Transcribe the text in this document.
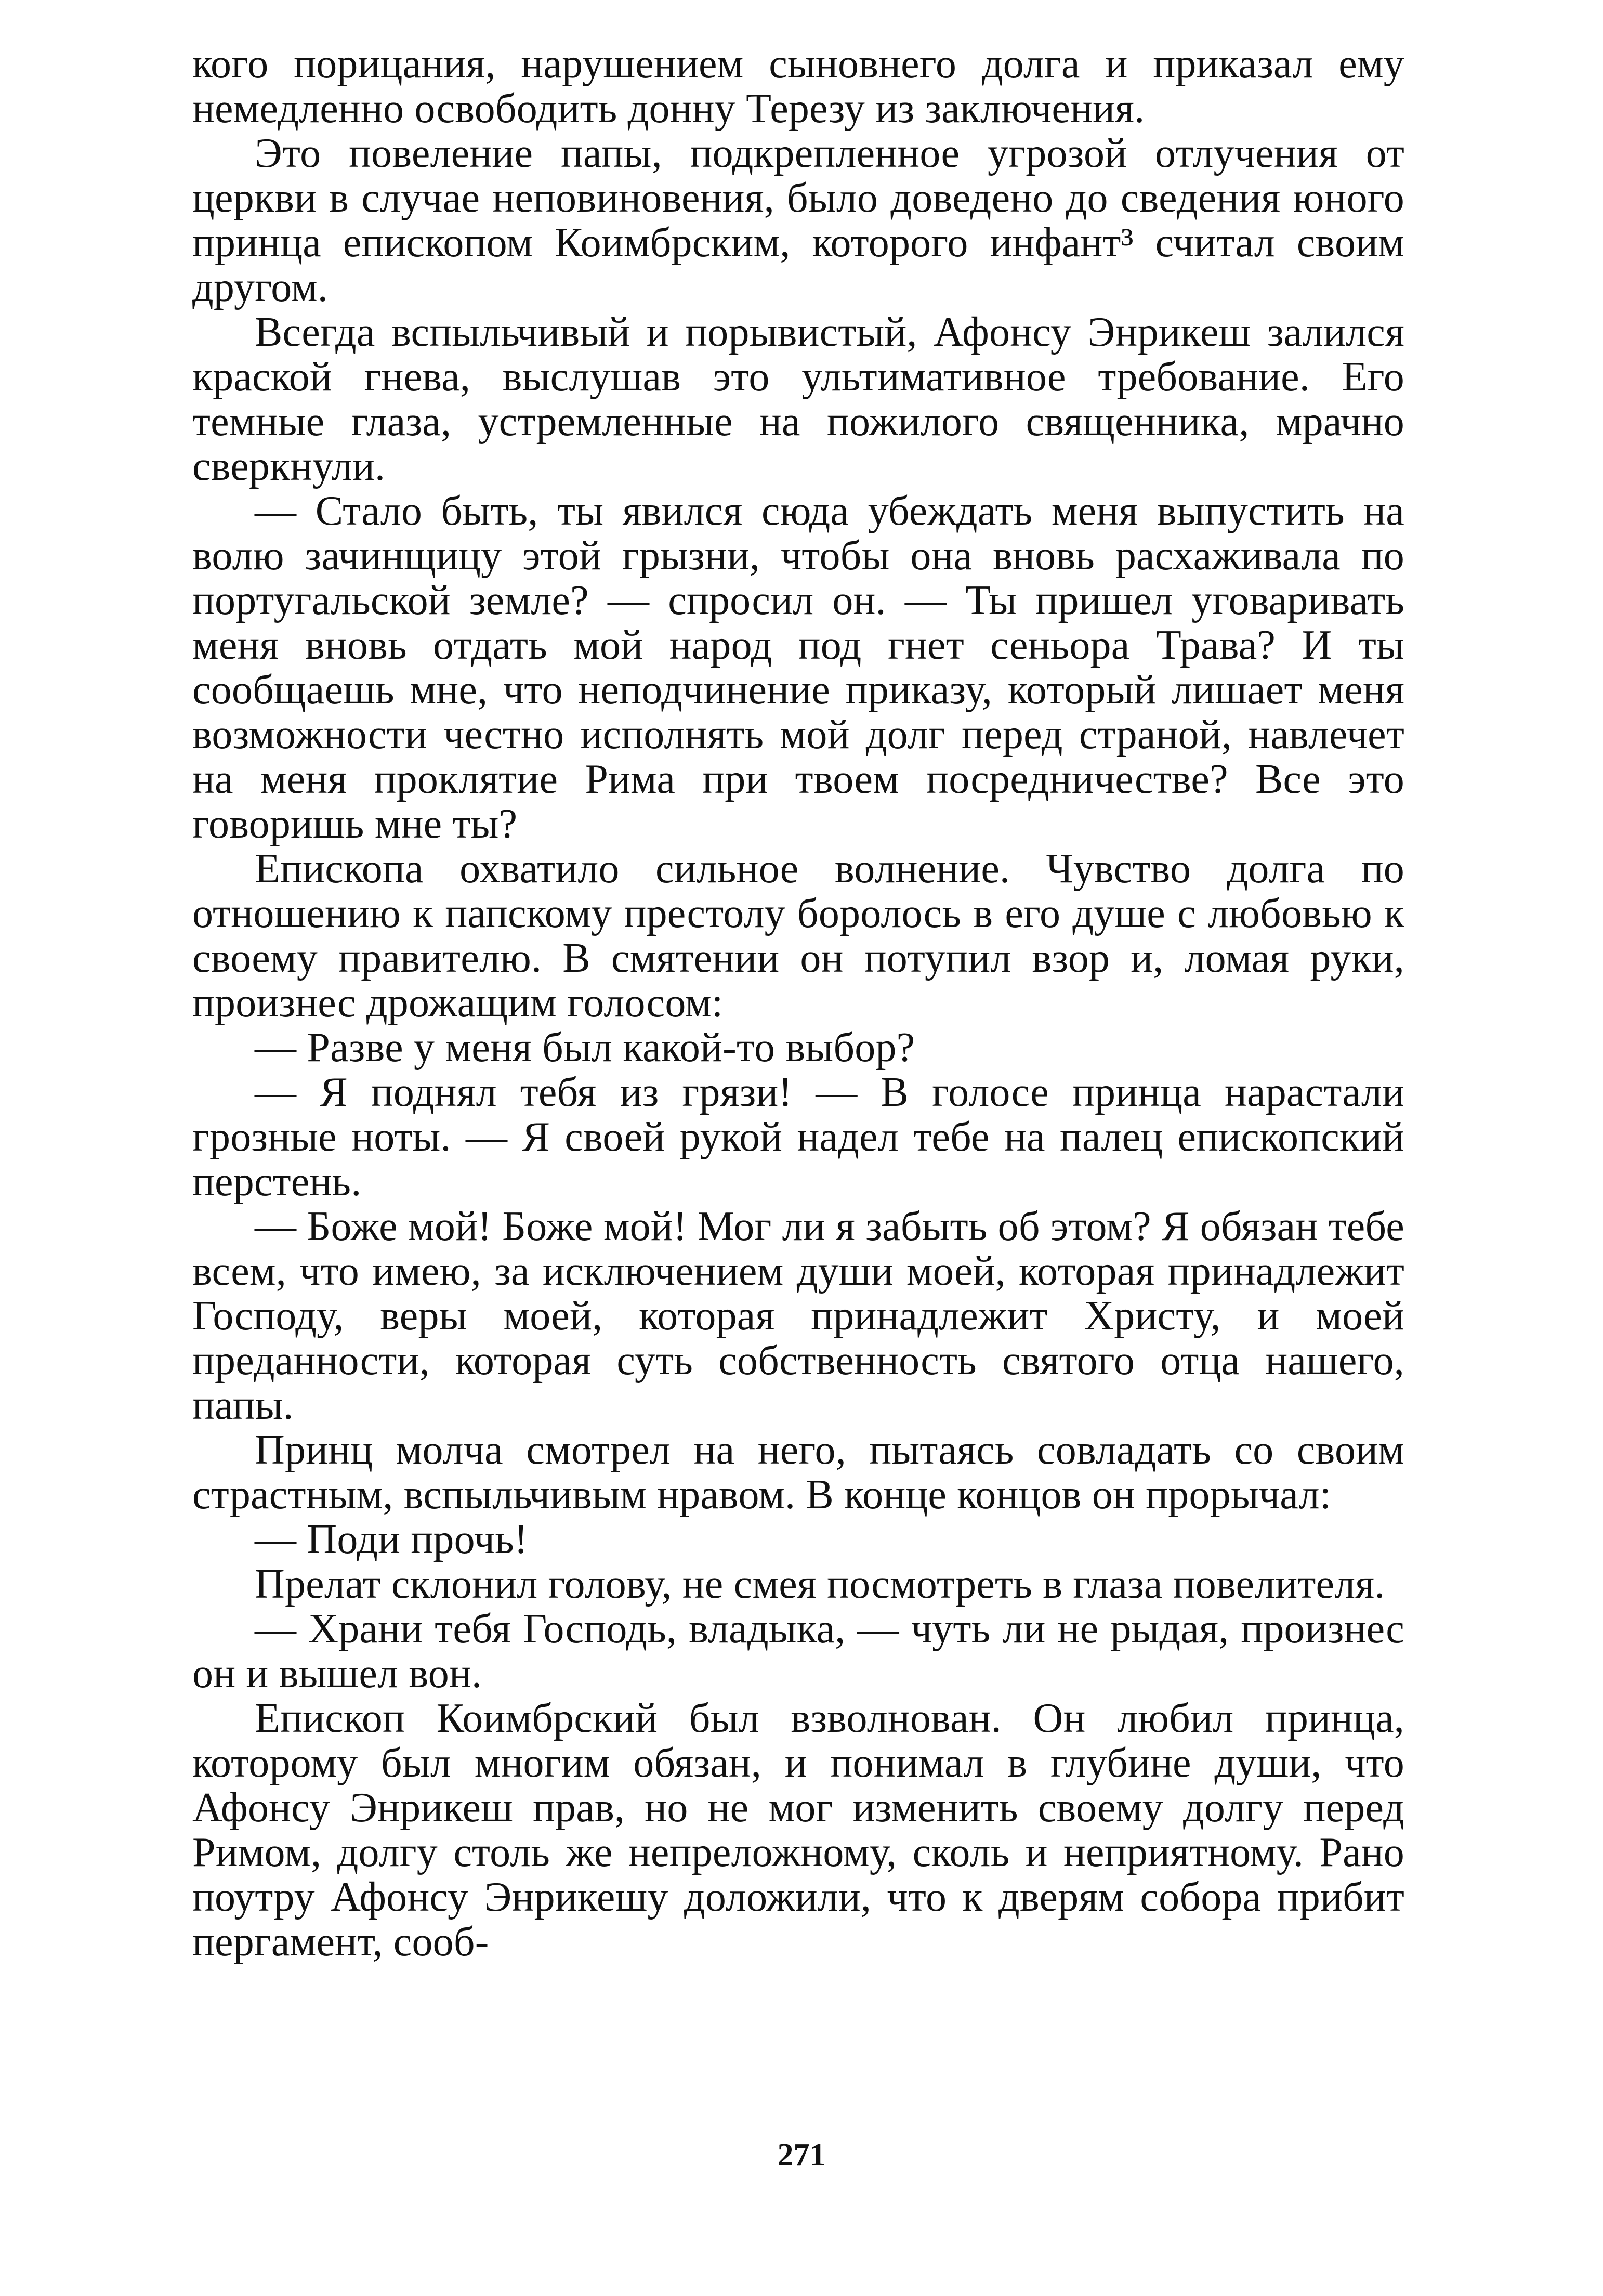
кого порицания, нарушением сыновнего долга и приказал ему немедленно освободить донну Терезу из заключения.

Это повеление папы, подкрепленное угрозой отлучения от церкви в случае неповиновения, было доведено до сведения юного принца епископом Коимбрским, которого инфант³ считал своим другом.

Всегда вспыльчивый и порывистый, Афонсу Энрикеш залился краской гнева, выслушав это ультимативное требование. Его темные глаза, устремленные на пожилого священника, мрачно сверкнули.

— Стало быть, ты явился сюда убеждать меня выпустить на волю зачинщицу этой грызни, чтобы она вновь расхаживала по португальской земле? — спросил он. — Ты пришел уговаривать меня вновь отдать мой народ под гнет сеньора Трава? И ты сообщаешь мне, что неподчинение приказу, который лишает меня возможности честно исполнять мой долг перед страной, навлечет на меня проклятие Рима при твоем посредничестве? Все это говоришь мне ты?

Епископа охватило сильное волнение. Чувство долга по отношению к папскому престолу боролось в его душе с любовью к своему правителю. В смятении он потупил взор и, ломая руки, произнес дрожащим голосом:

— Разве у меня был какой-то выбор?

— Я поднял тебя из грязи! — В голосе принца нарастали грозные ноты. — Я своей рукой надел тебе на палец епископский перстень.

— Боже мой! Боже мой! Мог ли я забыть об этом? Я обязан тебе всем, что имею, за исключением души моей, которая принадлежит Господу, веры моей, которая принадлежит Христу, и моей преданности, которая суть собственность святого отца нашего, папы.

Принц молча смотрел на него, пытаясь совладать со своим страстным, вспыльчивым нравом. В конце концов он прорычал:

— Поди прочь!

Прелат склонил голову, не смея посмотреть в глаза повелителя.

— Храни тебя Господь, владыка, — чуть ли не рыдая, произнес он и вышел вон.

Епископ Коимбрский был взволнован. Он любил принца, которому был многим обязан, и понимал в глубине души, что Афонсу Энрикеш прав, но не мог изменить своему долгу перед Римом, долгу столь же непреложному, сколь и неприятному. Рано поутру Афонсу Энрикешу доложили, что к дверям собора прибит пергамент, сооб-

271
